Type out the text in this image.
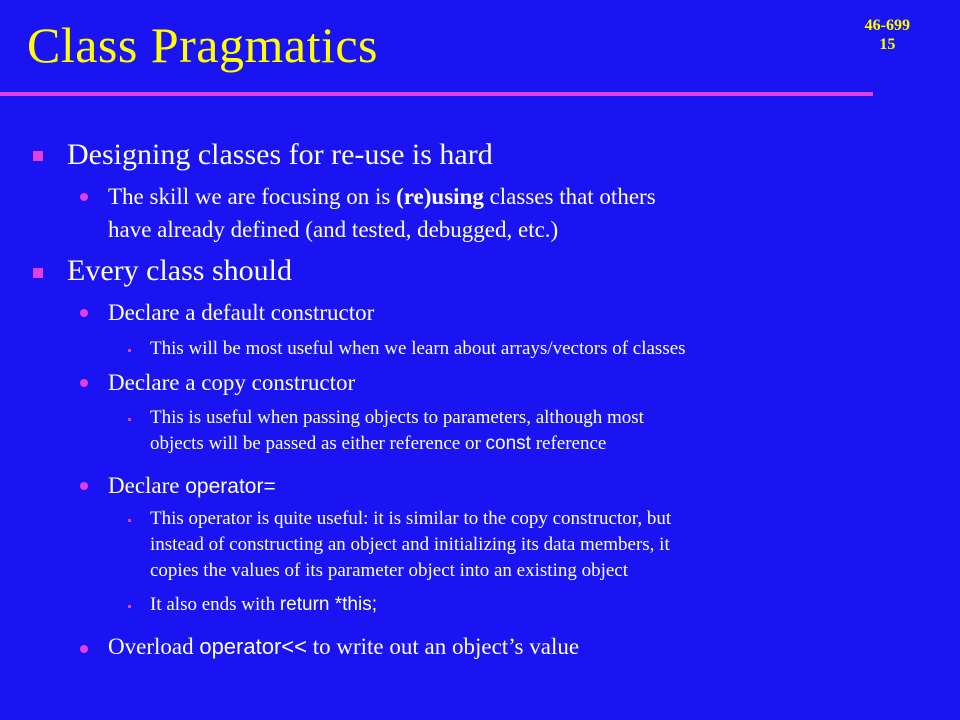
Class Pragmatics	46-699
15
Designing classes for re-use is hard
The skill we are focusing on is (re)using classes that others
have already defined (and tested, debugged, etc.)
Every class should
Declare a default constructor
This will be most useful when we learn about arrays/vectors of classes
Declare a copy constructor
This is useful when passing objects to parameters, although most
objects will be passed as either reference or const reference
Declare operator=
This operator is quite useful: it is similar to the copy constructor, but
instead of constructing an object and initializing its data members, it
copies the values of its parameter object into an existing object
It also ends with return *this;
Overload operator<< to write out an object’s value
